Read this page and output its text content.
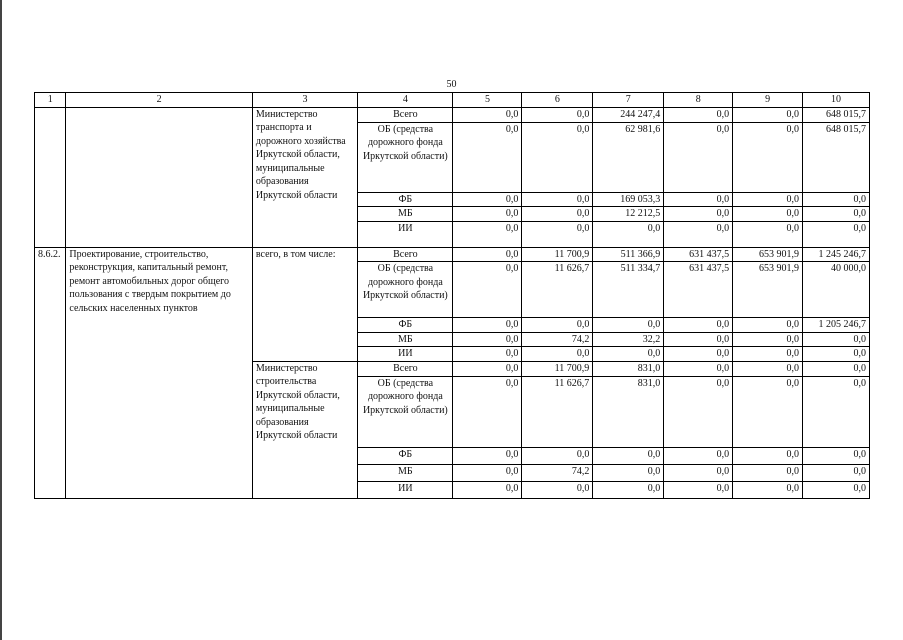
50
1	2	3	4	5	6	7	8	9	10
		Министерство транспорта и дорожного хозяйства Иркутской области, муниципальные образования Иркутской области	Всего	0,0	0,0	244 247,4	0,0	0,0	648 015,7
			ОБ (средства дорожного фонда Иркутской области)	0,0	0,0	62 981,6	0,0	0,0	648 015,7
			ФБ	0,0	0,0	169 053,3	0,0	0,0	0,0
			МБ	0,0	0,0	12 212,5	0,0	0,0	0,0
			ИИ	0,0	0,0	0,0	0,0	0,0	0,0
8.6.2.	Проектирование, строительство, реконструкция, капитальный ремонт, ремонт автомобильных дорог общего пользования с твердым покрытием до сельских населенных пунктов	всего, в том числе:	Всего	0,0	11 700,9	511 366,9	631 437,5	653 901,9	1 245 246,7
			ОБ (средства дорожного фонда Иркутской области)	0,0	11 626,7	511 334,7	631 437,5	653 901,9	40 000,0
			ФБ	0,0	0,0	0,0	0,0	0,0	1 205 246,7
			МБ	0,0	74,2	32,2	0,0	0,0	0,0
			ИИ	0,0	0,0	0,0	0,0	0,0	0,0
		Министерство строительства Иркутской области, муниципальные образования Иркутской области	Всего	0,0	11 700,9	831,0	0,0	0,0	0,0
			ОБ (средства дорожного фонда Иркутской области)	0,0	11 626,7	831,0	0,0	0,0	0,0
			ФБ	0,0	0,0	0,0	0,0	0,0	0,0
			МБ	0,0	74,2	0,0	0,0	0,0	0,0
			ИИ	0,0	0,0	0,0	0,0	0,0	0,0
